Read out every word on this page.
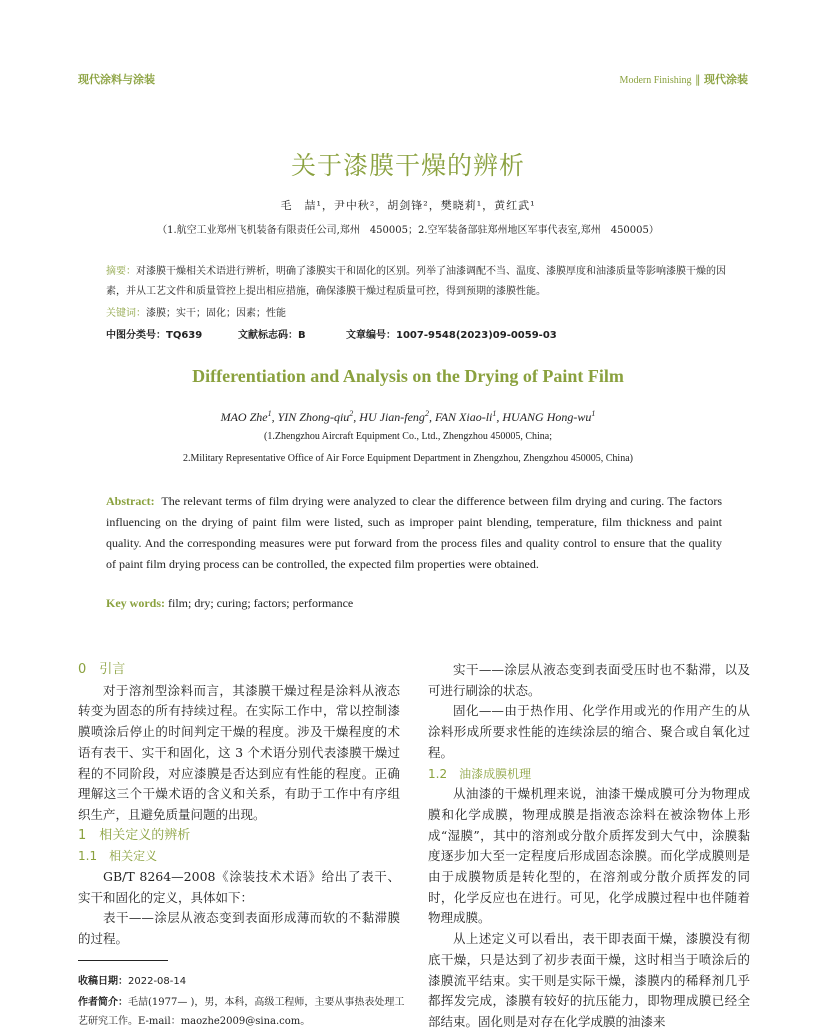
现代涂料与涂装	Modern Finishing ‖ 现代涂装
关于漆膜干燥的辨析
毛　喆¹，尹中秋²，胡剑锋²，樊晓莉¹，黄红武¹
（1.航空工业郑州飞机装备有限责任公司,郑州　450005；2.空军装备部驻郑州地区军事代表室,郑州　450005）
摘要：对漆膜干燥相关术语进行辨析，明确了漆膜实干和固化的区别。列举了油漆调配不当、温度、漆膜厚度和油漆质量等影响漆膜干燥的因素，并从工艺文件和质量管控上提出相应措施，确保漆膜干燥过程质量可控，得到预期的漆膜性能。
关键词：漆膜；实干；固化；因素；性能
中图分类号：TQ639	文献标志码：B	文章编号：1007-9548(2023)09-0059-03
Differentiation and Analysis on the Drying of Paint Film
MAO Zhe$^1$, YIN Zhong-qiu$^2$, HU Jian-feng$^2$, FAN Xiao-$li^1$, HUANG Hong-$wu^1$
(1.Zhengzhou Aircraft Equipment Co., Ltd., Zhengzhou 450005, China;
2.Military Representative Office of Air Force Equipment Department in Zhengzhou, Zhengzhou 450005, China)
Abstract: The relevant terms of film drying were analyzed to clear the difference between film drying and curing. The factors influencing on the drying of paint film were listed, such as improper paint blending, temperature, film thickness and paint quality. And the corresponding measures were put forward from the process files and quality control to ensure that the quality of paint film drying process can be controlled, the expected film properties were obtained.
Key words: film; dry; curing; factors; performance
0　引言

对于溶剂型涂料而言，其漆膜干燥过程是涂料从液态转变为固态的所有持续过程。在实际工作中，常以控制漆膜喷涂后停止的时间判定干燥的程度。涉及干燥程度的术语有表干、实干和固化，这 3 个术语分别代表漆膜干燥过程的不同阶段，对应漆膜是否达到应有性能的程度。正确理解这三个干燥术语的含义和关系，有助于工作中有序组织生产，且避免质量问题的出现。

1　相关定义的辨析
1.1　相关定义

GB/T 8264—2008《涂装技术术语》给出了表干、实干和固化的定义，具体如下：

表干——涂层从液态变到表面形成薄而软的不黏滞膜的过程。

实干——涂层从液态变到表面受压时也不黏滞，以及可进行刷涂的状态。

固化——由于热作用、化学作用或光的作用产生的从涂料形成所要求性能的连续涂层的缩合、聚合或自氧化过程。

1.2　油漆成膜机理

从油漆的干燥机理来说，油漆干燥成膜可分为物理成膜和化学成膜，物理成膜是指液态涂料在被涂物体上形成“湿膜”，其中的溶剂或分散介质挥发到大气中，涂膜黏度逐步加大至一定程度后形成固态涂膜。而化学成膜则是由于成膜物质是转化型的，在溶剂或分散介质挥发的同时，化学反应也在进行。可见，化学成膜过程中也伴随着物理成膜。

从上述定义可以看出，表干即表面干燥，漆膜没有彻底干燥，只是达到了初步表面干燥，这时相当于喷涂后的漆膜流平结束。实干则是实际干燥，漆膜内的稀释剂几乎都挥发完成，漆膜有较好的抗压能力，即物理成膜已经全部结束。固化则是对存在化学成膜的油漆来

收稿日期：2022-08-14
作者简介：毛喆(1977— )，男，本科，高级工程师，主要从事热表处理工艺研究工作。E-mail：maozhe2009@sina.com。
